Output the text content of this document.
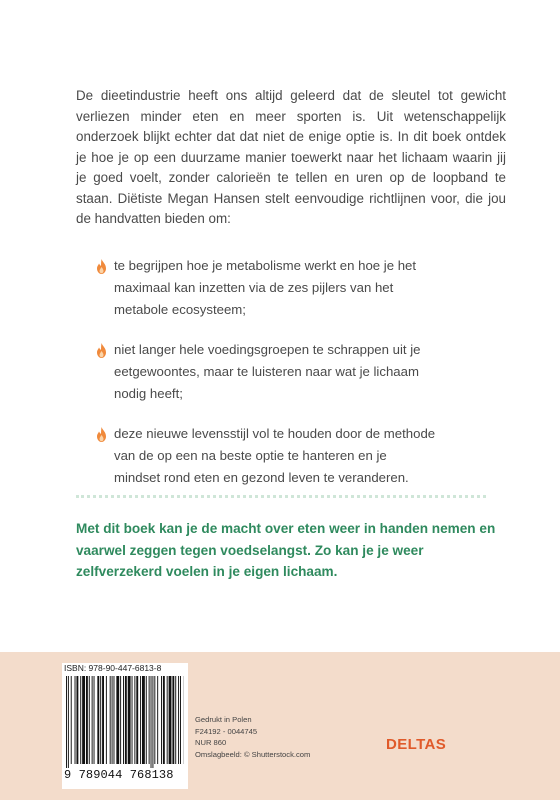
De dieetindustrie heeft ons altijd geleerd dat de sleutel tot gewicht verliezen minder eten en meer sporten is. Uit wetenschappelijk onderzoek blijkt echter dat dat niet de enige optie is. In dit boek ontdek je hoe je op een duurzame manier toewerkt naar het lichaam waarin jij je goed voelt, zonder calorieën te tellen en uren op de loopband te staan. Diëtiste Megan Hansen stelt eenvoudige richtlijnen voor, die jou de handvatten bieden om:
te begrijpen hoe je metabolisme werkt en hoe je het maximaal kan inzetten via de zes pijlers van het metabole ecosysteem;
niet langer hele voedingsgroepen te schrappen uit je eetgewoontes, maar te luisteren naar wat je lichaam nodig heeft;
deze nieuwe levensstijl vol te houden door de methode van de op een na beste optie te hanteren en je mindset rond eten en gezond leven te veranderen.
Met dit boek kan je de macht over eten weer in handen nemen en vaarwel zeggen tegen voedselangst. Zo kan je je weer zelfverzekerd voelen in je eigen lichaam.
ISBN: 978-90-447-6813-8
9 789044 768138
Gedrukt in Polen
F24192 - 0044745
NUR 860
Omslagbeeld: © Shutterstock.com
DELTAS
